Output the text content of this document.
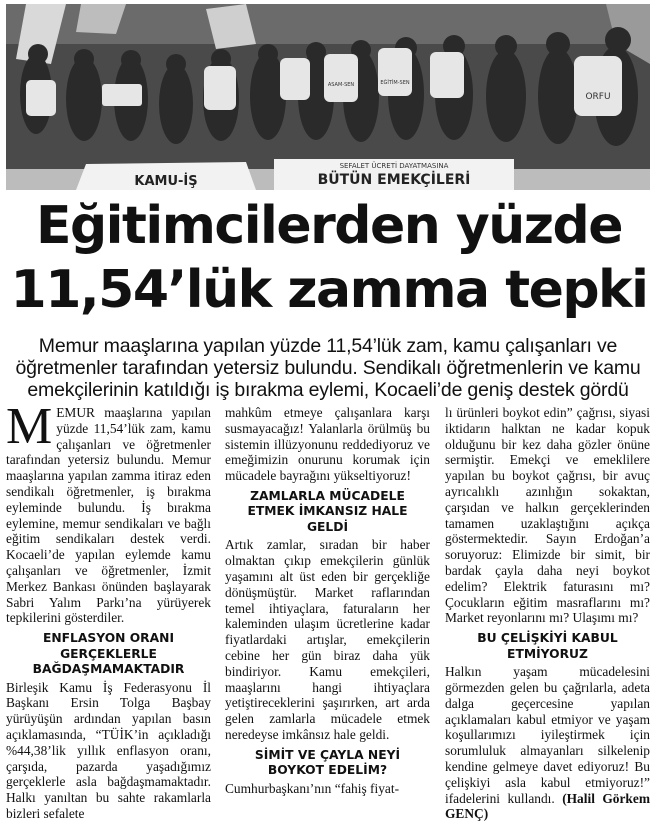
KAMU-İŞ
SEFALET ÜCRETİ DAYATMASINA
BÜTÜN EMEKÇİLERİ
ASAM-SEN	EĞİTİM-SEN
ORFU
Eğitimcilerden yüzde
11,54’lük zamma tepki

Memur maaşlarına yapılan yüzde 11,54’lük zam, kamu çalışanları ve öğretmenler tarafından yetersiz bulundu. Sendikalı öğretmenlerin ve kamu emekçilerinin katıldığı iş bırakma eylemi, Kocaeli’de geniş destek gördü

MEMUR maaşlarına yapılan yüzde 11,54’lük zam, kamu çalışanları ve öğretmenler tarafından yetersiz bulundu. Memur maaşlarına yapılan zamma itiraz eden sendikalı öğretmenler, iş bırakma eyleminde bulundu. İş bırakma eylemine, memur sendikaları ve bağlı eğitim sendikaları destek verdi. Kocaeli’de yapılan eylemde kamu çalışanları ve öğretmenler, İzmit Merkez Bankası önünden başlayarak Sabri Yalım Parkı’na yürüyerek tepkilerini gösterdiler.

ENFLASYON ORANI GERÇEKLERLE BAĞDAŞMAMAKTADIR

Birleşik Kamu İş Federasyonu İl Başkanı Ersin Tolga Başbay yürüyüşün ardından yapılan basın açıklamasında, “TÜİK’in açıkladığı %44,38’lik yıllık enflasyon oranı, çarşıda, pazarda yaşadığımız gerçeklerle asla bağdaşmamaktadır. Halkı yanıltan bu sahte rakamlarla bizleri sefalete

mahkûm etmeye çalışanlara karşı susmayacağız! Yalanlarla örülmüş bu sistemin illüzyonunu reddediyoruz ve emeğimizin onurunu korumak için mücadele bayrağını yükseltiyoruz!

ZAMLARLA MÜCADELE ETMEK İMKANSIZ HALE GELDİ

Artık zamlar, sıradan bir haber olmaktan çıkıp emekçilerin günlük yaşamını alt üst eden bir gerçekliğe dönüşmüştür. Market raflarından temel ihtiyaçlara, faturaların her kaleminden ulaşım ücretlerine kadar fiyatlardaki artışlar, emekçilerin cebine her gün biraz daha yük bindiriyor. Kamu emekçileri, maaşlarını hangi ihtiyaçlara yetiştireceklerini şaşırırken, art arda gelen zamlarla mücadele etmek neredeyse imkânsız hale geldi.

SİMİT VE ÇAYLA NEYİ BOYKOT EDELİM?

Cumhurbaşkanı’nın “fahiş fiyat-

lı ürünleri boykot edin” çağrısı, siyasi iktidarın halktan ne kadar kopuk olduğunu bir kez daha gözler önüne sermiştir. Emekçi ve emeklilere yapılan bu boykot çağrısı, bir avuç ayrıcalıklı azınlığın sokaktan, çarşıdan ve halkın gerçeklerinden tamamen uzaklaştığını açıkça göstermektedir. Sayın Erdoğan’a soruyoruz: Elimizde bir simit, bir bardak çayla daha neyi boykot edelim? Elektrik faturasını mı? Çocukların eğitim masraflarını mı? Market reyonlarını mı? Ulaşımı mı?

BU ÇELİŞKİYİ KABUL ETMİYORUZ

Halkın yaşam mücadelesini görmezden gelen bu çağrılarla, adeta dalga geçercesine yapılan açıklamaları kabul etmiyor ve yaşam koşullarımızı iyileştirmek için sorumluluk almayanları silkelenip kendine gelmeye davet ediyoruz! Bu çelişkiyi asla kabul etmiyoruz!” ifadelerini kullandı. (Halil Görkem GENÇ)
